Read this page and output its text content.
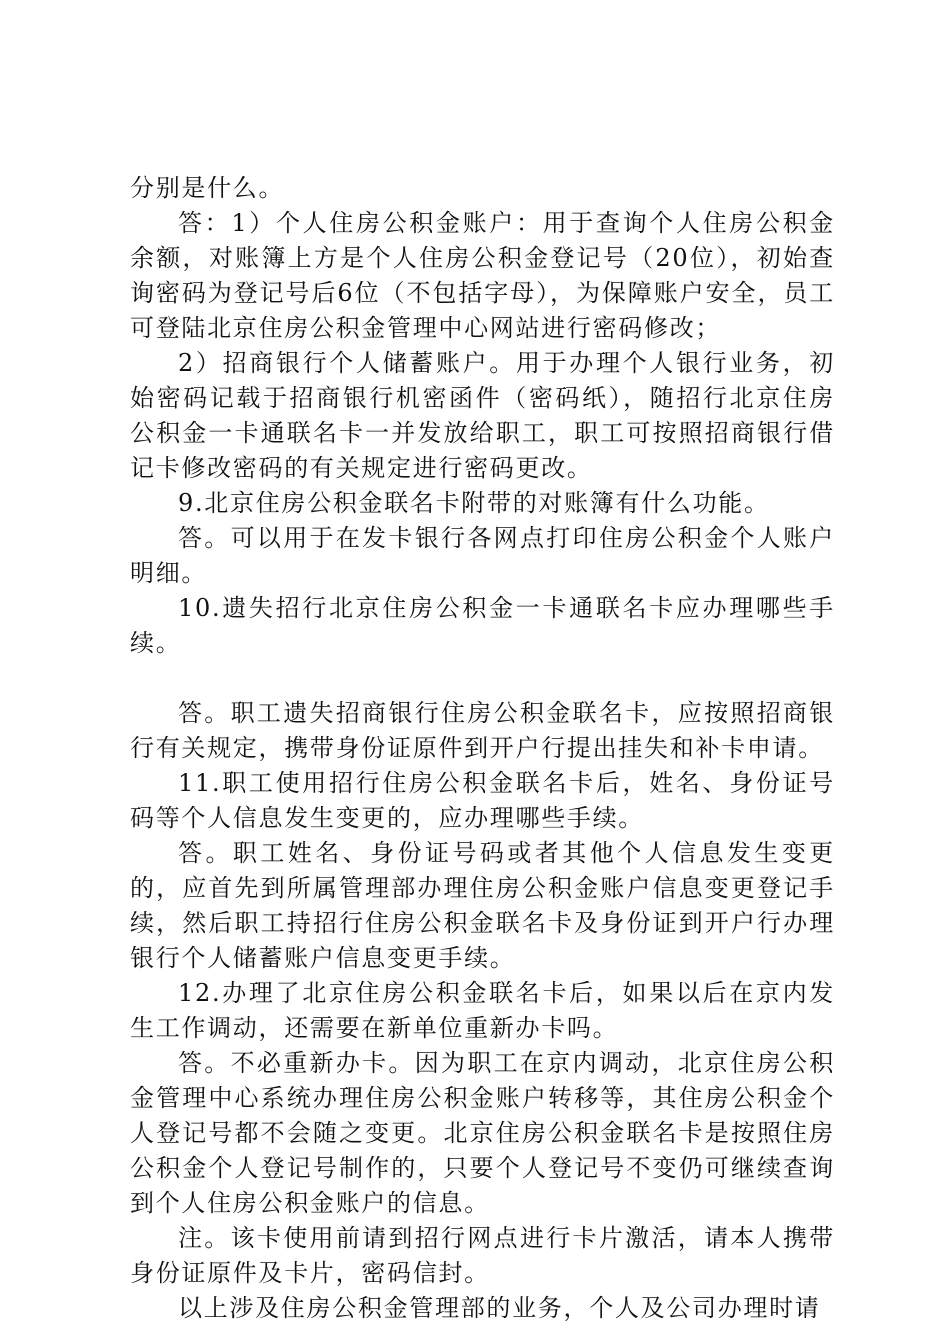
分别是什么。

答：1）个人住房公积金账户：用于查询个人住房公积金余额，对账簿上方是个人住房公积金登记号（20位），初始查询密码为登记号后6位（不包括字母），为保障账户安全，员工可登陆北京住房公积金管理中心网站进行密码修改；

2）招商银行个人储蓄账户。用于办理个人银行业务，初始密码记载于招商银行机密函件（密码纸），随招行北京住房公积金一卡通联名卡一并发放给职工，职工可按照招商银行借记卡修改密码的有关规定进行密码更改。

9.北京住房公积金联名卡附带的对账簿有什么功能。

答。可以用于在发卡银行各网点打印住房公积金个人账户明细。

10.遗失招行北京住房公积金一卡通联名卡应办理哪些手续。

答。职工遗失招商银行住房公积金联名卡，应按照招商银行有关规定，携带身份证原件到开户行提出挂失和补卡申请。

11.职工使用招行住房公积金联名卡后，姓名、身份证号码等个人信息发生变更的，应办理哪些手续。

答。职工姓名、身份证号码或者其他个人信息发生变更的，应首先到所属管理部办理住房公积金账户信息变更登记手续，然后职工持招行住房公积金联名卡及身份证到开户行办理银行个人储蓄账户信息变更手续。

12.办理了北京住房公积金联名卡后，如果以后在京内发生工作调动，还需要在新单位重新办卡吗。

答。不必重新办卡。因为职工在京内调动，北京住房公积金管理中心系统办理住房公积金账户转移等，其住房公积金个人登记号都不会随之变更。北京住房公积金联名卡是按照住房公积金个人登记号制作的，只要个人登记号不变仍可继续查询到个人住房公积金账户的信息。

注。该卡使用前请到招行网点进行卡片激活，请本人携带身份证原件及卡片，密码信封。

以上涉及住房公积金管理部的业务，个人及公司办理时请
